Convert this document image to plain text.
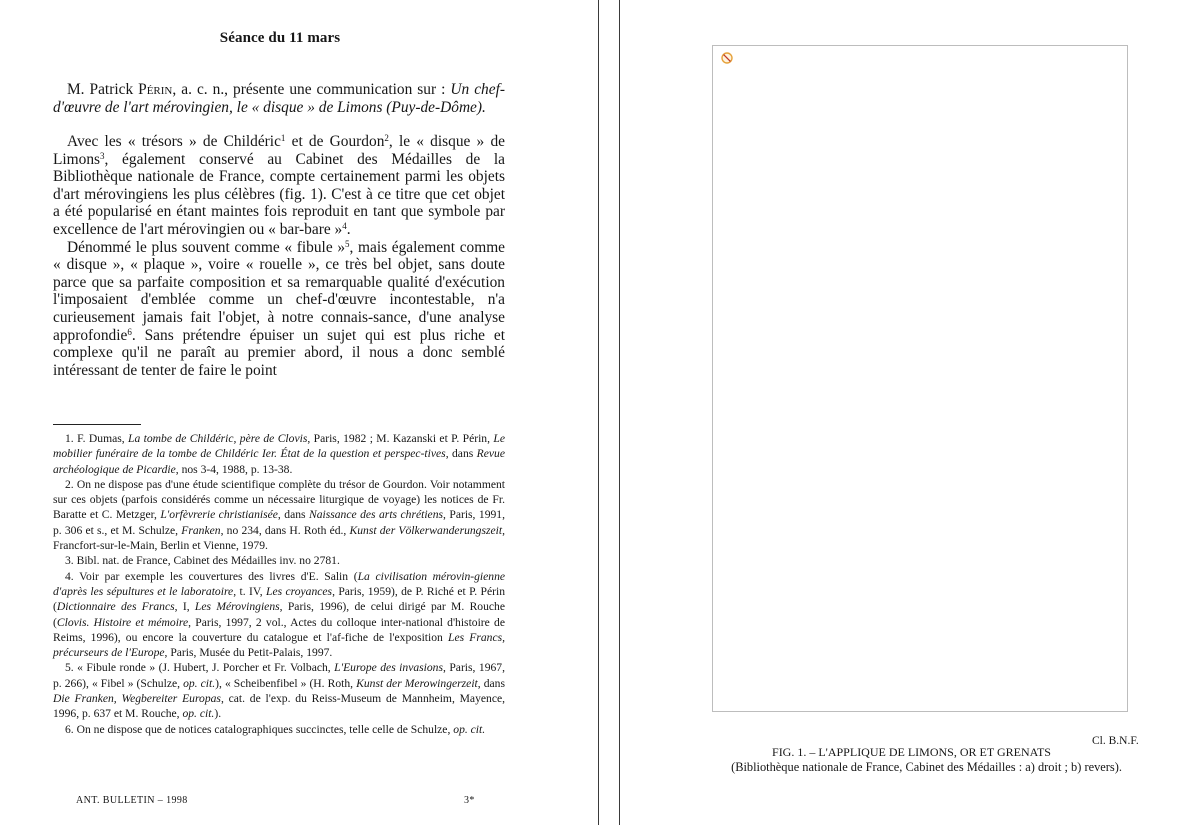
Séance du 11 mars

M. Patrick Périn, a. c. n., présente une communication sur : Un chef-d'œuvre de l'art mérovingien, le « disque » de Limons (Puy-de-Dôme).

Avec les « trésors » de Childéric$^1$ et de Gourdon$^2$, le « disque » de Limons$^3$, également conservé au Cabinet des Médailles de la Bibliothèque nationale de France, compte certainement parmi les objets d'art mérovingiens les plus célèbres (fig. 1). C'est à ce titre que cet objet a été popularisé en étant maintes fois reproduit en tant que symbole par excellence de l'art mérovingien ou « bar-bare »$^4$.

Dénommé le plus souvent comme « fibule »$^5$, mais également comme « disque », « plaque », voire « rouelle », ce très bel objet, sans doute parce que sa parfaite composition et sa remarquable qualité d'exécution l'imposaient d'emblée comme un chef-d'œuvre incontestable, n'a curieusement jamais fait l'objet, à notre connais-sance, d'une analyse approfondie$^6$. Sans prétendre épuiser un sujet qui est plus riche et complexe qu'il ne paraît au premier abord, il nous a donc semblé intéressant de tenter de faire le point

1. F. Dumas, La tombe de Childéric, père de Clovis, Paris, 1982 ; M. Kazanski et P. Périn, Le mobilier funéraire de la tombe de Childéric Ier. État de la question et perspec-tives, dans Revue archéologique de Picardie, nos 3-4, 1988, p. 13-38.

2. On ne dispose pas d'une étude scientifique complète du trésor de Gourdon. Voir notamment sur ces objets (parfois considérés comme un nécessaire liturgique de voyage) les notices de Fr. Baratte et C. Metzger, L'orfèvrerie christianisée, dans Naissance des arts chrétiens, Paris, 1991, p. 306 et s., et M. Schulze, Franken, no 234, dans H. Roth éd., Kunst der Völkerwanderungszeit, Francfort-sur-le-Main, Berlin et Vienne, 1979.

3. Bibl. nat. de France, Cabinet des Médailles inv. no 2781.

4. Voir par exemple les couvertures des livres d'E. Salin (La civilisation mérovin-gienne d'après les sépultures et le laboratoire, t. IV, Les croyances, Paris, 1959), de P. Riché et P. Périn (Dictionnaire des Francs, I, Les Mérovingiens, Paris, 1996), de celui dirigé par M. Rouche (Clovis. Histoire et mémoire, Paris, 1997, 2 vol., Actes du colloque inter-national d'histoire de Reims, 1996), ou encore la couverture du catalogue et l'af-fiche de l'exposition Les Francs, précurseurs de l'Europe, Paris, Musée du Petit-Palais, 1997.

5. « Fibule ronde » (J. Hubert, J. Porcher et Fr. Volbach, L'Europe des invasions, Paris, 1967, p. 266), « Fibel » (Schulze, op. cit.), « Scheibenfibel » (H. Roth, Kunst der Merowingerzeit, dans Die Franken, Wegbereiter Europas, cat. de l'exp. du Reiss-Museum de Mannheim, Mayence, 1996, p. 637 et M. Rouche, op. cit.).

6. On ne dispose que de notices catalographiques succinctes, telle celle de Schulze, op. cit.

ANT. BULLETIN – 1998	3*
Cl. B.N.F.
FIG. 1. – L'APPLIQUE DE LIMONS, OR ET GRENATS
(Bibliothèque nationale de France, Cabinet des Médailles : a) droit ; b) revers).
